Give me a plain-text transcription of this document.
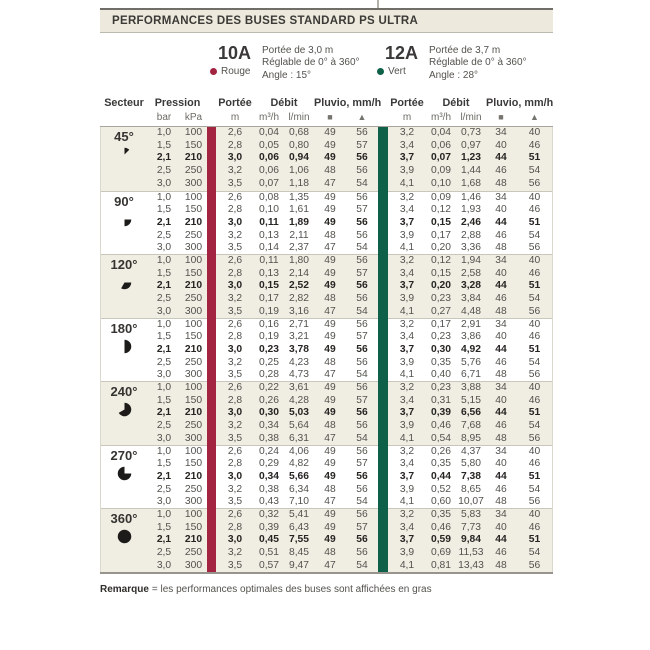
PERFORMANCES DES BUSES STANDARD PS ULTRA
10A
Rouge
Portée de 3,0 m
Réglable de 0° à 360°
Angle : 15°
12A
Vert
Portée de 3,7 m
Réglable de 0° à 360°
Angle : 28°
Secteur	Pression	Portée	Débit	Pluvio, mm/h Portée	Débit	Pluvio, mm/h
bar	kPa	m	m³/h l/min	■	▲	m	m³/h l/min	■	▲
45°	1,0	100	2,6	0,04 0,68	49	56	3,2	0,04 0,73	34	40
1,5	150	2,8	0,05 0,80	49	57	3,4	0,06 0,97	40	46
2,1	210	3,0	0,06 0,94	49	56	3,7	0,07 1,23	44	51
2,5	250	3,2	0,06 1,06	48	56	3,9	0,09 1,44	46	54
3,0	300	3,5	0,07 1,18	47	54	4,1	0,10 1,68	48	56
90°	1,0	100	2,6	0,08 1,35	49	56	3,2	0,09 1,46	34	40
1,5	150	2,8	0,10 1,61	49	57	3,4	0,12 1,93	40	46
2,1	210	3,0	0,11 1,89	49	56	3,7	0,15 2,46	44	51
2,5	250	3,2	0,13	2,11	48	56	3,9	0,17 2,88	46	54
3,0	300	3,5	0,14 2,37	47	54	4,1	0,20 3,36	48	56
120°	1,0	100	2,6	0,11	1,80	49	56	3,2	0,12 1,94	34	40
1,5	150	2,8	0,13 2,14	49	57	3,4	0,15 2,58	40	46
2,1	210	3,0	0,15 2,52	49	56	3,7	0,20 3,28	44	51
2,5	250	3,2	0,17 2,82	48	56	3,9	0,23 3,84	46	54
3,0	300	3,5	0,19 3,16	47	54	4,1	0,27 4,48	48	56
180°	1,0	100	2,6	0,16 2,71	49	56	3,2	0,17 2,91	34	40
1,5	150	2,8	0,19 3,21	49	57	3,4	0,23 3,86	40	46
2,1	210	3,0	0,23 3,78	49	56	3,7	0,30 4,92	44	51
2,5	250	3,2	0,25 4,23	48	56	3,9	0,35 5,76	46	54
3,0	300	3,5	0,28 4,73	47	54	4,1	0,40 6,71	48	56
240°	1,0	100	2,6	0,22 3,61	49	56	3,2	0,23 3,88	34	40
1,5	150	2,8	0,26 4,28	49	57	3,4	0,31 5,15	40	46
2,1	210	3,0	0,30 5,03	49	56	3,7	0,39 6,56	44	51
2,5	250	3,2	0,34 5,64	48	56	3,9	0,46 7,68	46	54
3,0	300	3,5	0,38 6,31	47	54	4,1	0,54 8,95	48	56
270°	1,0	100	2,6	0,24 4,06	49	56	3,2	0,26 4,37	34	40
1,5	150	2,8	0,29 4,82	49	57	3,4	0,35 5,80	40	46
2,1	210	3,0	0,34 5,66	49	56	3,7	0,44 7,38	44	51
2,5	250	3,2	0,38 6,34	48	56	3,9	0,52 8,65	46	54
3,0	300	3,5	0,43 7,10	47	54	4,1	0,60 10,07	48	56
360°	1,0	100	2,6	0,32 5,41	49	56	3,2	0,35 5,83	34	40
1,5	150	2,8	0,39 6,43	49	57	3,4	0,46 7,73	40	46
2,1	210	3,0	0,45 7,55	49	56	3,7	0,59 9,84	44	51
2,5	250	3,2	0,51 8,45	48	56	3,9	0,69 11,53	46	54
3,0	300	3,5	0,57 9,47	47	54	4,1	0,81 13,43	48	56
Remarque = les performances optimales des buses sont affichées en gras
